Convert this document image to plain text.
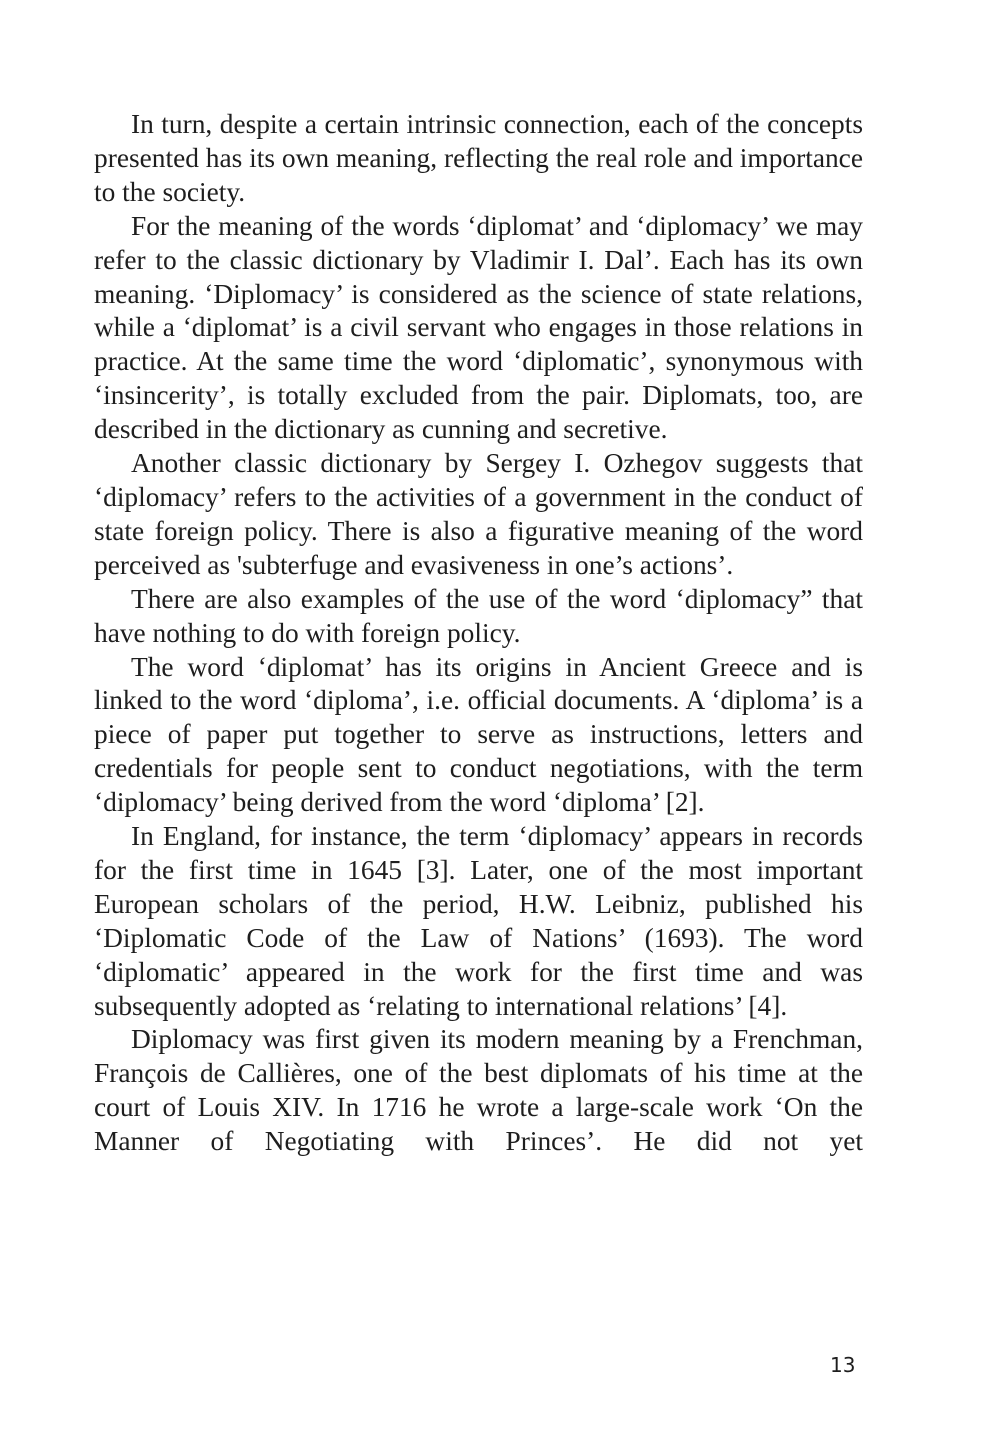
In turn, despite a certain intrinsic connection, each of the concepts presented has its own meaning, reflecting the real role and importance to the society.

For the meaning of the words ‘diplomat’ and ‘diplomacy’ we may refer to the classic dictionary by Vladimir I. Dal’. Each has its own meaning. ‘Diplomacy’ is considered as the science of state relations, while a ‘diplomat’ is a civil servant who engages in those relations in practice. At the same time the word ‘diplomatic’, synonymous with ‘insincerity’, is totally excluded from the pair. Diplomats, too, are described in the dictionary as cunning and secretive.

Another classic dictionary by Sergey I. Ozhegov suggests that ‘diplomacy’ refers to the activities of a government in the conduct of state foreign policy. There is also a figurative meaning of the word perceived as 'subterfuge and evasiveness in one’s actions’.

There are also examples of the use of the word ‘diplomacy” that have nothing to do with foreign policy.

The word ‘diplomat’ has its origins in Ancient Greece and is linked to the word ‘diploma’, i.e. official documents. A ‘diploma’ is a piece of paper put together to serve as instructions, letters and credentials for people sent to conduct negotiations, with the term ‘diplomacy’ being derived from the word ‘diploma’ [2].

In England, for instance, the term ‘diplomacy’ appears in records for the first time in 1645 [3]. Later, one of the most important European scholars of the period, H.W. Leibniz, published his ‘Diplomatic Code of the Law of Nations’ (1693). The word ‘diplomatic’ appeared in the work for the first time and was subsequently adopted as ‘relating to international relations’ [4].

Diplomacy was first given its modern meaning by a Frenchman, François de Callières, one of the best diplomats of his time at the court of Louis XIV. In 1716 he wrote a large-scale work ‘On the Manner of Negotiating with Princes’. He did not yet

13
